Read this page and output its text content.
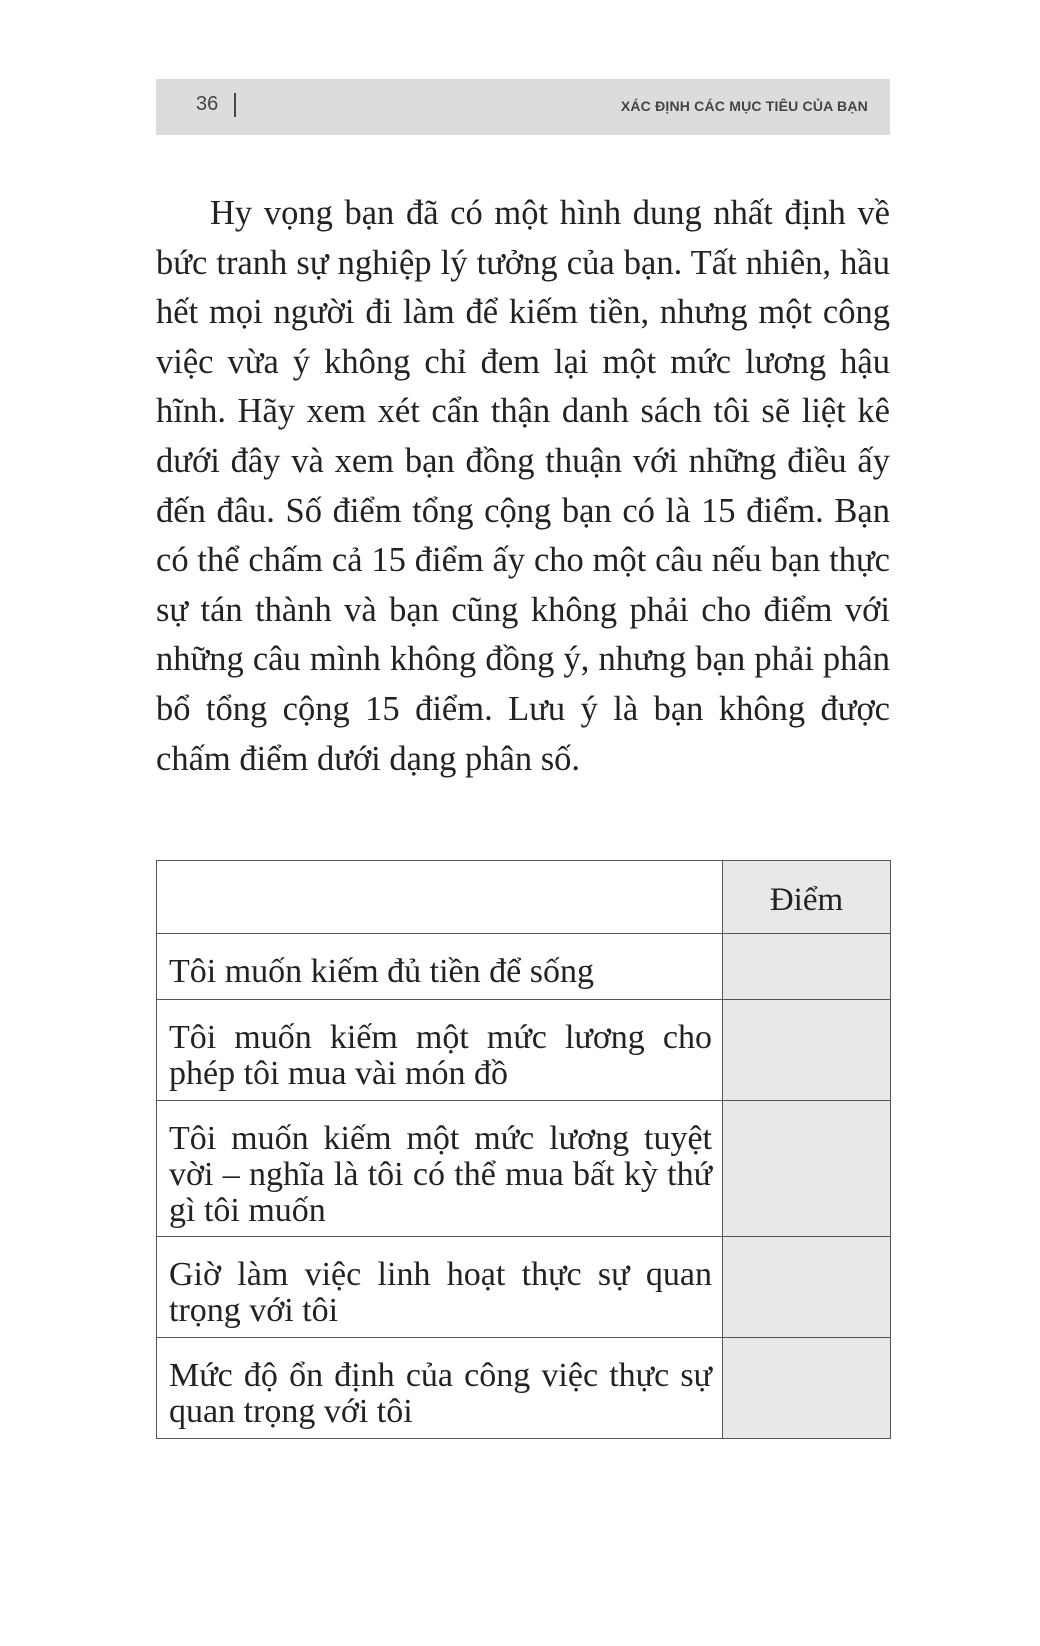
36	XÁC ĐỊNH CÁC MỤC TIÊU CỦA BẠN

Hy vọng bạn đã có một hình dung nhất định về bức tranh sự nghiệp lý tưởng của bạn. Tất nhiên, hầu hết mọi người đi làm để kiếm tiền, nhưng một công việc vừa ý không chỉ đem lại một mức lương hậu hĩnh. Hãy xem xét cẩn thận danh sách tôi sẽ liệt kê dưới đây và xem bạn đồng thuận với những điều ấy đến đâu. Số điểm tổng cộng bạn có là 15 điểm. Bạn có thể chấm cả 15 điểm ấy cho một câu nếu bạn thực sự tán thành và bạn cũng không phải cho điểm với những câu mình không đồng ý, nhưng bạn phải phân bổ tổng cộng 15 điểm. Lưu ý là bạn không được chấm điểm dưới dạng phân số.

	Điểm
Tôi muốn kiếm đủ tiền để sống	
Tôi muốn kiếm một mức lương cho phép tôi mua vài món đồ	
Tôi muốn kiếm một mức lương tuyệt vời – nghĩa là tôi có thể mua bất kỳ thứ gì tôi muốn	
Giờ làm việc linh hoạt thực sự quan trọng với tôi	
Mức độ ổn định của công việc thực sự quan trọng với tôi	
